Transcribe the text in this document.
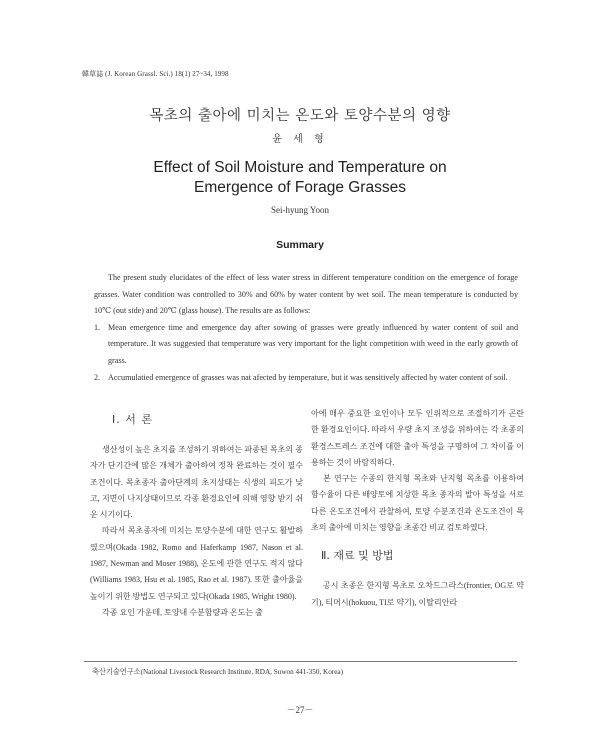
韓草誌 (J. Korean Grassl. Sci.) 18(1) 27~34, 1998
목초의 출아에 미치는 온도와 토양수분의 영향
윤 세 형
Effect of Soil Moisture and Temperature on
Emergence of Forage Grasses
Sei-hyung Yoon
Summary

The present study elucidates of the effect of less water stress in different temperature condition on the emergence of forage grasses. Water condition was controlled to 30% and 60% by water content by wet soil. The mean temperature is conducted by 10℃ (out side) and 20℃ (glass house). The results are as follows:

1. Mean emergence time and emergence day after sowing of grasses were greatly influenced by water content of soil and temperature. It was suggested that temperature was very important for the light competition with weed in the early growth of grass.
2. Accumulatied emergence of grasses was nat afected by temperature, but it was sensitively affected by water content of soil.
Ⅰ. 서 론

생산성이 높은 초지를 조성하기 위하여는 파종된 목초의 종자가 단기간에 많은 개체가 출아하여 정착 완료하는 것이 필수 조건이다. 목초종자 출아단계의 초지상태는 식생의 피도가 낮고, 지면이 나지상태이므로 각종 환경요인에 의해 영향 받기 쉬운 시기이다.

따라서 목초종자에 미치는 토양수분에 대한 연구도 활발하였으며(Okada 1982, Romo and Haferkamp 1987, Nason et al. 1987, Newman and Moser 1988), 온도에 관한 연구도 적지 않다(Williams 1983, Hsu et al. 1985, Rao et al. 1987). 또한 출아율을 높이기 위한 방법도 연구되고 있다(Okada 1985, Wright 1980).

각종 요인 가운데, 토양내 수분함량과 온도는 출

아에 매우 중요한 요인이나 모두 인위적으로 조절하기가 곤란한 환경요인이다. 따라서 우량 초지 조성을 위하여는 각 초종의 환경스트레스 조건에 대한 출아 특성을 구명하여 그 차이를 이용하는 것이 바람직하다.

본 연구는 수종의 한지형 목초와 난지형 목초를 이용하여 함수율이 다른 배양토에 치상한 목초 종자의 발아 특성을 서로 다른 온도조건에서 관찰하여, 토양 수분조건과 온도조건이 목초의 출아에 미치는 영향을 초종간 비교 검토하였다.

Ⅱ. 재료 및 방법

공시 초종은 한지형 목초로 오차드그라스(frontier, OG로 약기), 티머시(hokuou, TI로 약기), 이탈리안라

축산기술연구소(National Livestock Research Institute, RDA, Suwon 441-350, Korea)
－27－
